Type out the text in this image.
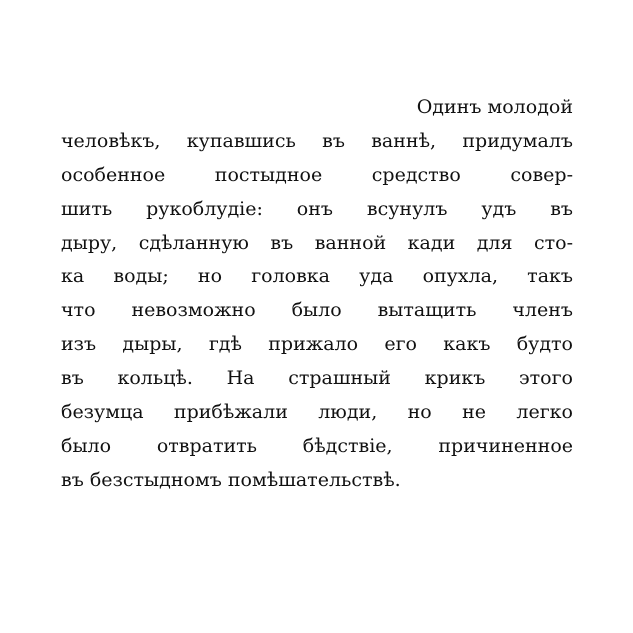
Одинъ молодой
человѣкъ, купавшись въ ваннѣ, придумалъ
особенное постыдное средство совер-
шить рукоблудіе: онъ всунулъ удъ въ
дыру, сдѣланную въ ванной кади для сто-
ка воды; но головка уда опухла, такъ
что невозможно было вытащить членъ
изъ дыры, гдѣ прижало его какъ будто
въ кольцѣ. На страшный крикъ этого
безумца прибѣжали люди, но не легко
было отвратить бѣдствіе, причиненное
въ безстыдномъ помѣшательствѣ.
